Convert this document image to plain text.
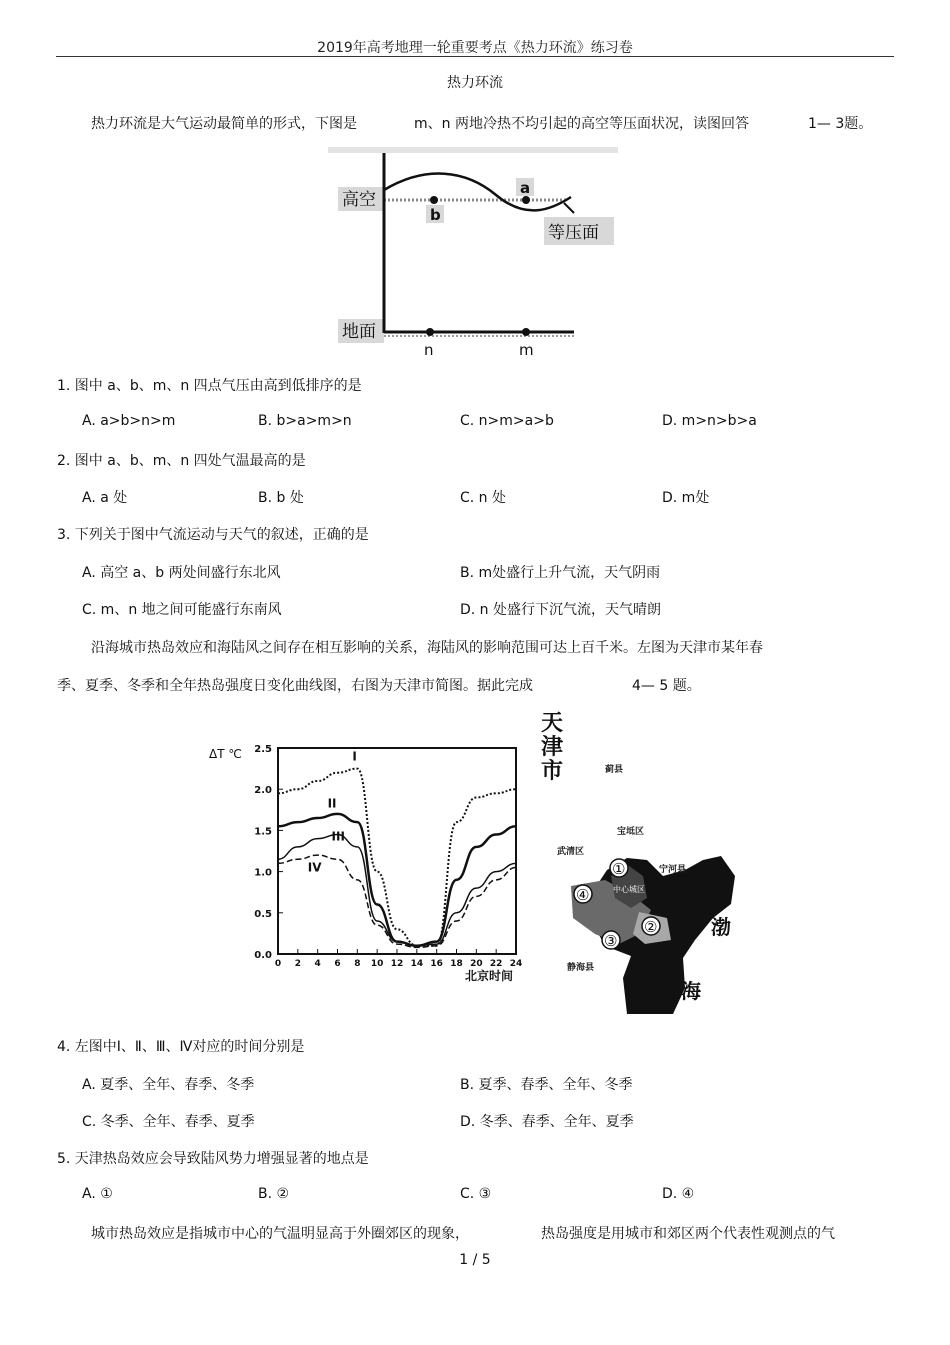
2019年高考地理一轮重要考点《热力环流》练习卷
热力环流
热力环流是大气运动最简单的形式，下图是	m、n 两地冷热不均引起的高空等压面状况，读图回答	1— 3题。
高空
地面
等压面
a
b
n	m
1. 图中 a、b、m、n 四点气压由高到低排序的是
A. a>b>n>m	B. b>a>m>n	C. n>m>a>b	D. m>n>b>a
2. 图中 a、b、m、n 四处气温最高的是
A. a 处	B. b 处	C. n 处	D. m处
3. 下列关于图中气流运动与天气的叙述，正确的是
A. 高空 a、b 两处间盛行东北风	B. m处盛行上升气流，天气阴雨
C. m、n 地之间可能盛行东南风	D. n 处盛行下沉气流，天气晴朗
沿海城市热岛效应和海陆风之间存在相互影响的关系，海陆风的影响范围可达上百千米。左图为天津市某年春
季、夏季、冬季和全年热岛强度日变化曲线图，右图为天津市简图。据此完成	4— 5 题。
ΔT ℃
0.0
0.5
1.0
1.5
2.0
2.5
0 2 4 6 8 10 12 14 16 18 20 22 24
I
II
III
IV
北京时间
天
津
市	蓟县
宝坻区
武清区
宁河县
中心城区
静海县
①
④
②
③
渤
海
4. 左图中Ⅰ、Ⅱ、Ⅲ、Ⅳ对应的时间分别是
A. 夏季、全年、春季、冬季	B. 夏季、春季、全年、冬季
C. 冬季、全年、春季、夏季	D. 冬季、春季、全年、夏季
5. 天津热岛效应会导致陆风势力增强显著的地点是
A. ①	B. ②	C. ③	D. ④
城市热岛效应是指城市中心的气温明显高于外圈郊区的现象，	热岛强度是用城市和郊区两个代表性观测点的气
1 / 5
